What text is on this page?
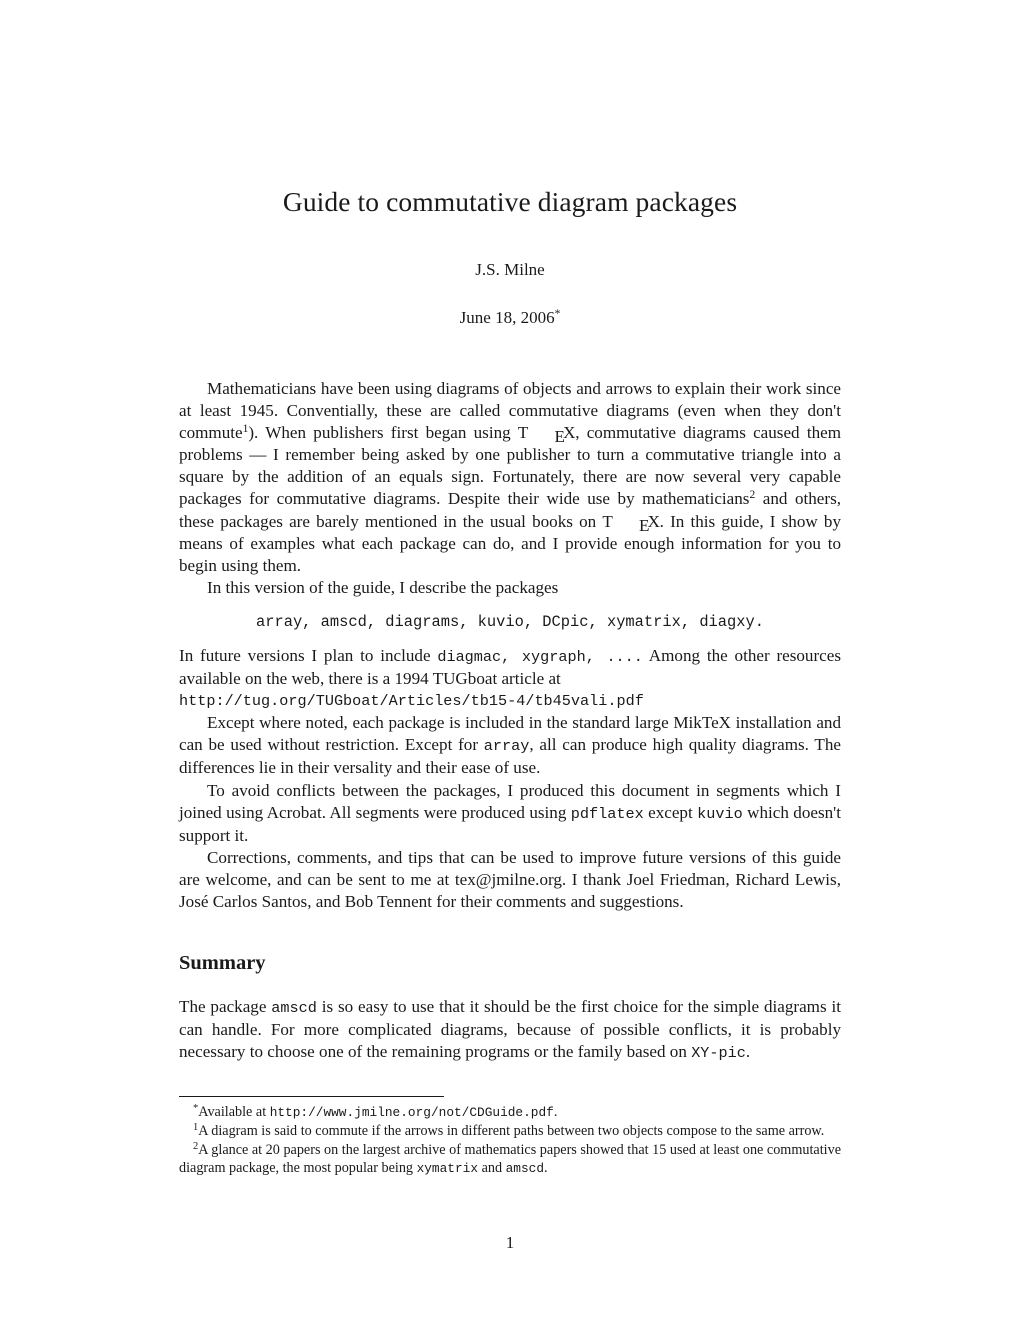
Guide to commutative diagram packages
J.S. Milne
June 18, 2006*

Mathematicians have been using diagrams of objects and arrows to explain their work since at least 1945. Conventially, these are called commutative diagrams (even when they don't commute$^1$). When publishers first began using T EX, commutative diagrams caused them problems — I remember being asked by one publisher to turn a commutative triangle into a square by the addition of an equals sign. Fortunately, there are now several very capable packages for commutative diagrams. Despite their wide use by mathematicians$^2$ and others, these packages are barely mentioned in the usual books on T EX. In this guide, I show by means of examples what each package can do, and I provide enough information for you to begin using them.

In this version of the guide, I describe the packages

array, amscd, diagrams, kuvio, DCpic, xymatrix, diagxy.

In future versions I plan to include diagmac, xygraph, .... Among the other resources available on the web, there is a 1994 TUGboat article at

http://tug.org/TUGboat/Articles/tb15-4/tb45vali.pdf

Except where noted, each package is included in the standard large MikTeX installation and can be used without restriction. Except for array, all can produce high quality diagrams. The differences lie in their versality and their ease of use.

To avoid conflicts between the packages, I produced this document in segments which I joined using Acrobat. All segments were produced using pdflatex except kuvio which doesn't support it.

Corrections, comments, and tips that can be used to improve future versions of this guide are welcome, and can be sent to me at tex@jmilne.org. I thank Joel Friedman, Richard Lewis, José Carlos Santos, and Bob Tennent for their comments and suggestions.

Summary

The package amscd is so easy to use that it should be the first choice for the simple diagrams it can handle. For more complicated diagrams, because of possible conflicts, it is probably necessary to choose one of the remaining programs or the family based on XY-pic.

*Available at http://www.jmilne.org/not/CDGuide.pdf.

$^1$A diagram is said to commute if the arrows in different paths between two objects compose to the same arrow.

$^2$A glance at 20 papers on the largest archive of mathematics papers showed that 15 used at least one commutative diagram package, the most popular being xymatrix and amscd.

1
